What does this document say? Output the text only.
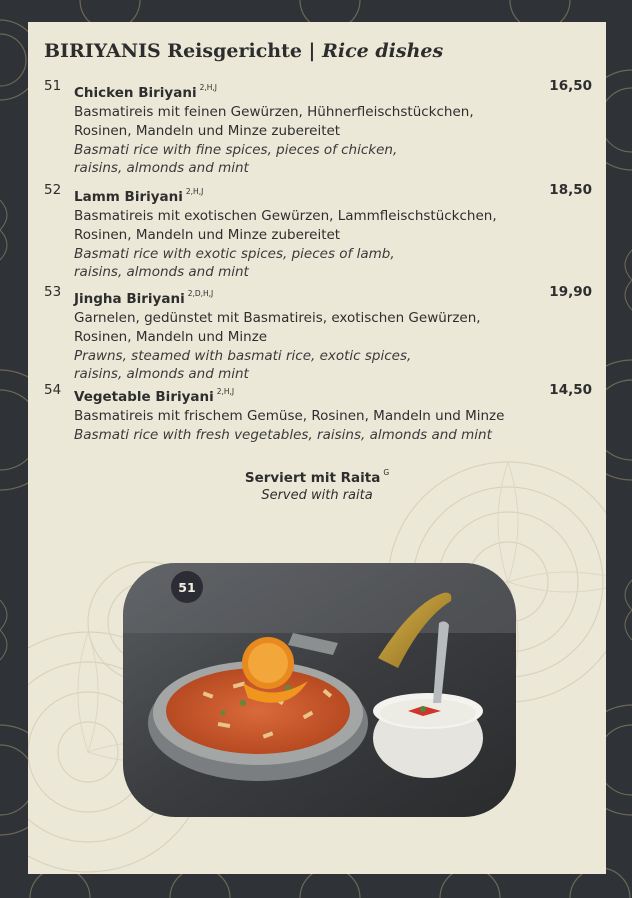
BIRIYANIS Reisgerichte | Rice dishes
51 Chicken Biriyani $^{2,H,J}$
Basmatireis mit feinen Gewürzen, Hühnerfleischstückchen,
Rosinen, Mandeln und Minze zubereitet
Basmati rice with fine spices, pieces of chicken,
raisins, almonds and mint
16,50
52 Lamm Biriyani $^{2,H,J}$
Basmatireis mit exotischen Gewürzen, Lammfleischstückchen,
Rosinen, Mandeln und Minze zubereitet
Basmati rice with exotic spices, pieces of lamb,
raisins, almonds and mint
18,50
53 Jingha Biriyani $^{2,D,H,J}$
Garnelen, gedünstet mit Basmatireis, exotischen Gewürzen,
Rosinen, Mandeln und Minze
Prawns, steamed with basmati rice, exotic spices,
raisins, almonds and mint
19,90
54 Vegetable Biriyani $^{2,H,J}$
Basmatireis mit frischem Gemüse, Rosinen, Mandeln und Minze
Basmati rice with fresh vegetables, raisins, almonds and mint
14,50
Serviert mit Raita $^G$
Served with raita
51
